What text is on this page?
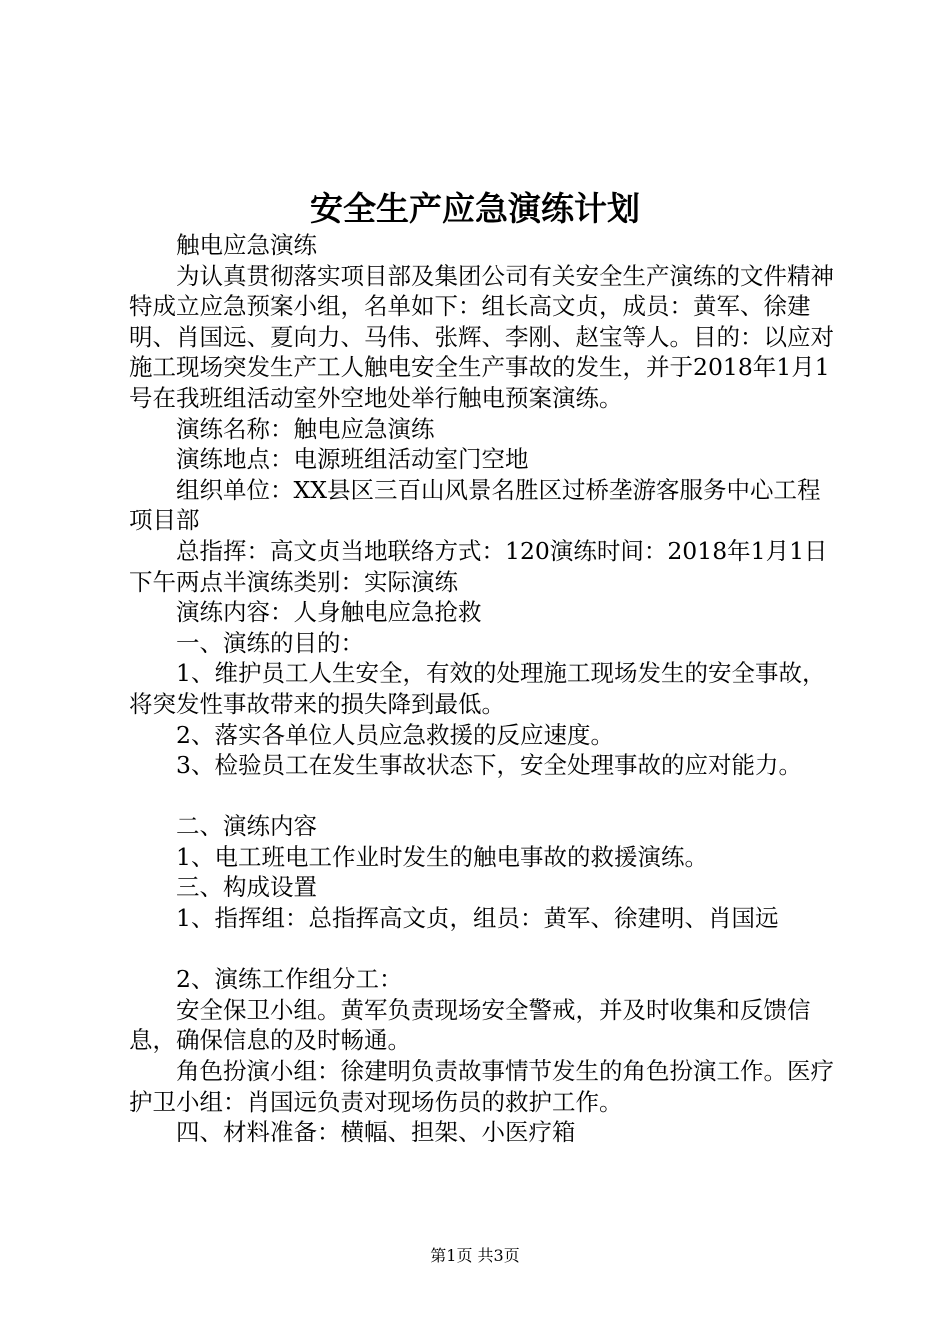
安全生产应急演练计划

触电应急演练

为认真贯彻落实项目部及集团公司有关安全生产演练的文件精神特成立应急预案小组，名单如下：组长高文贞，成员：黄军、徐建明、肖国远、夏向力、马伟、张辉、李刚、赵宝等人。目的：以应对施工现场突发生产工人触电安全生产事故的发生，并于2018年1月1号在我班组活动室外空地处举行触电预案演练。

演练名称：触电应急演练

演练地点：电源班组活动室门空地

组织单位：XX县区三百山风景名胜区过桥垄游客服务中心工程项目部

总指挥：高文贞当地联络方式：120演练时间：2018年1月1日下午两点半演练类别：实际演练

演练内容：人身触电应急抢救

一、演练的目的：

1、维护员工人生安全，有效的处理施工现场发生的安全事故，将突发性事故带来的损失降到最低。

2、落实各单位人员应急救援的反应速度。

3、检验员工在发生事故状态下，安全处理事故的应对能力。

二、演练内容

1、电工班电工作业时发生的触电事故的救援演练。

三、构成设置

1、指挥组：总指挥高文贞，组员：黄军、徐建明、肖国远

2、演练工作组分工：

安全保卫小组。黄军负责现场安全警戒，并及时收集和反馈信息，确保信息的及时畅通。

角色扮演小组：徐建明负责故事情节发生的角色扮演工作。医疗护卫小组：肖国远负责对现场伤员的救护工作。

四、材料准备：横幅、担架、小医疗箱

第1页 共3页
